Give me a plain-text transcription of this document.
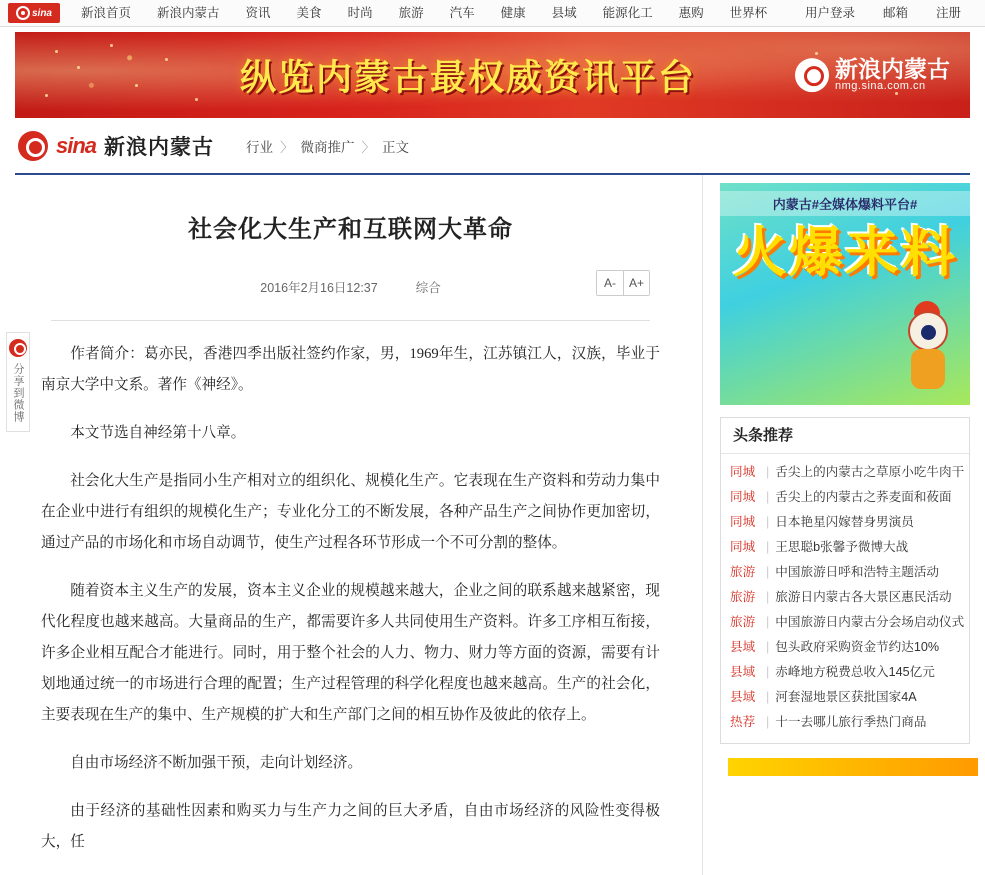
sina	新浪首页	新浪内蒙古	资讯	美食	时尚	旅游	汽车	健康	县域	能源化工	惠购	世界杯	用户登录	邮箱	注册
纵览内蒙古最权威资讯平台	新浪内蒙古
nmg.sina.com.cn
sina 新浪内蒙古 行业 〉 微商推广 〉 正文
社会化大生产和互联网大革命
2016年2月16日12:37	综合	A-	A+

作者简介：葛亦民，香港四季出版社签约作家，男，1969年生，江苏镇江人，汉族，毕业于南京大学中文系。著作《神经》。

本文节选自神经第十八章。

社会化大生产是指同小生产相对立的组织化、规模化生产。它表现在生产资料和劳动力集中在企业中进行有组织的规模化生产；专业化分工的不断发展，各种产品生产之间协作更加密切，通过产品的市场化和市场自动调节，使生产过程各环节形成一个不可分割的整体。

随着资本主义生产的发展，资本主义企业的规模越来越大，企业之间的联系越来越紧密，现代化程度也越来越高。大量商品的生产，都需要许多人共同使用生产资料。许多工序相互衔接，许多企业相互配合才能进行。同时，用于整个社会的人力、物力、财力等方面的资源，需要有计划地通过统一的市场进行合理的配置；生产过程管理的科学化程度也越来越高。生产的社会化，主要表现在生产的集中、生产规模的扩大和生产部门之间的相互协作及彼此的依存上。

自由市场经济不断加强干预，走向计划经济。

由于经济的基础性因素和购买力与生产力之间的巨大矛盾，自由市场经济的风险性变得极大，任

内蒙古#全媒体爆料平台#
火爆来料
头条推荐
同城 | 舌尖上的内蒙古之草原小吃牛肉干
同城 | 舌尖上的内蒙古之荞麦面和莜面
同城 | 日本艳星闪嫁替身男演员
同城 | 王思聪b张馨予微博大战
旅游 | 中国旅游日呼和浩特主题活动
旅游 | 旅游日内蒙古各大景区惠民活动
旅游 | 中国旅游日内蒙古分会场启动仪式
县域 | 包头政府采购资金节约达10%
县域 | 赤峰地方税费总收入145亿元
县域 | 河套湿地景区获批国家4A
热荐 | 十一去哪儿旅行季热门商品
分享到微博
